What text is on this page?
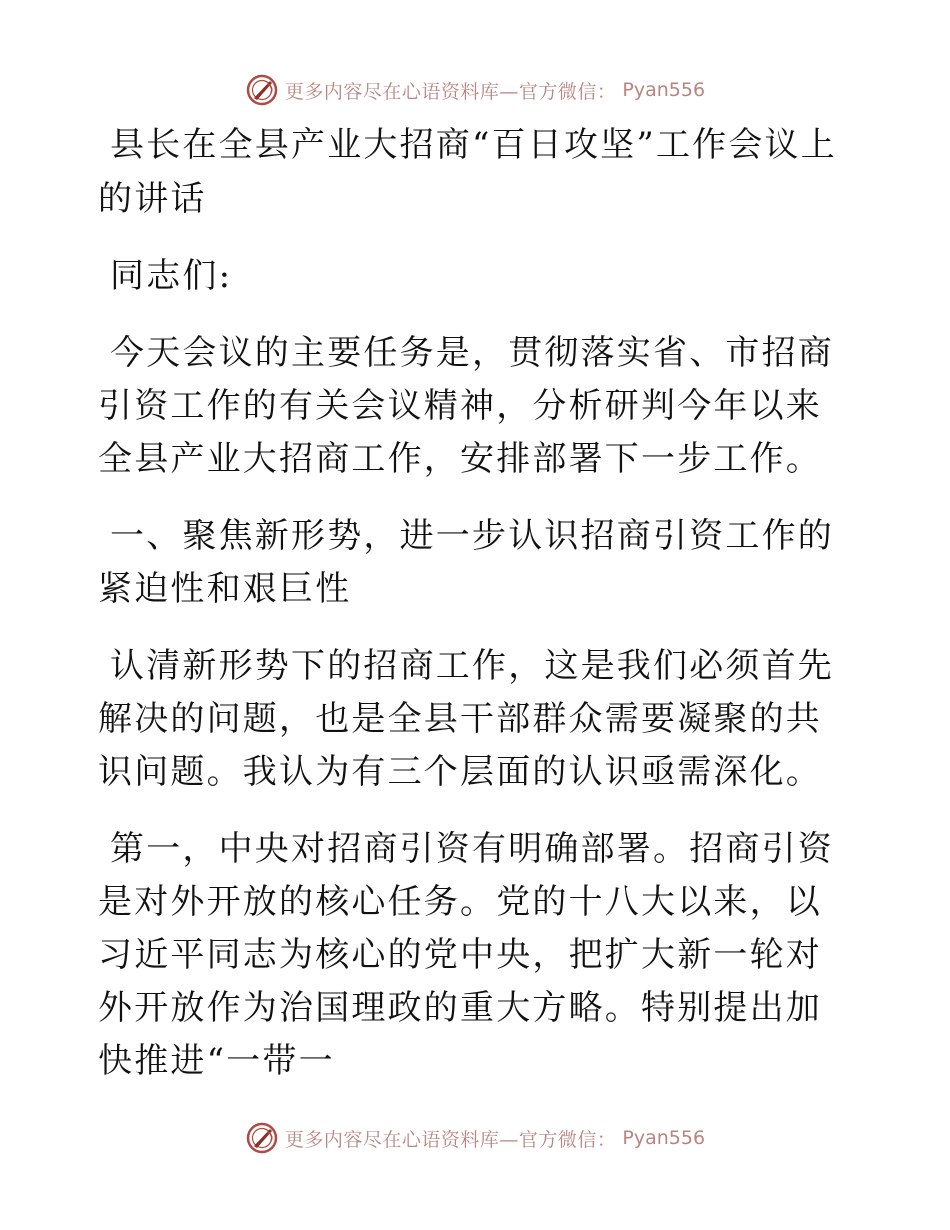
更多内容尽在心语资料库—官方微信： Pyan556

县长在全县产业大招商“百日攻坚”工作会议上的讲话

同志们:

今天会议的主要任务是，贯彻落实省、市招商引资工作的有关会议精神，分析研判今年以来全县产业大招商工作，安排部署下一步工作。

一、聚焦新形势，进一步认识招商引资工作的紧迫性和艰巨性

认清新形势下的招商工作，这是我们必须首先解决的问题，也是全县干部群众需要凝聚的共识问题。我认为有三个层面的认识亟需深化。

第一，中央对招商引资有明确部署。招商引资是对外开放的核心任务。党的十八大以来，以习近平同志为核心的党中央，把扩大新一轮对外开放作为治国理政的重大方略。特别提出加快推进“一带一

更多内容尽在心语资料库—官方微信： Pyan556
